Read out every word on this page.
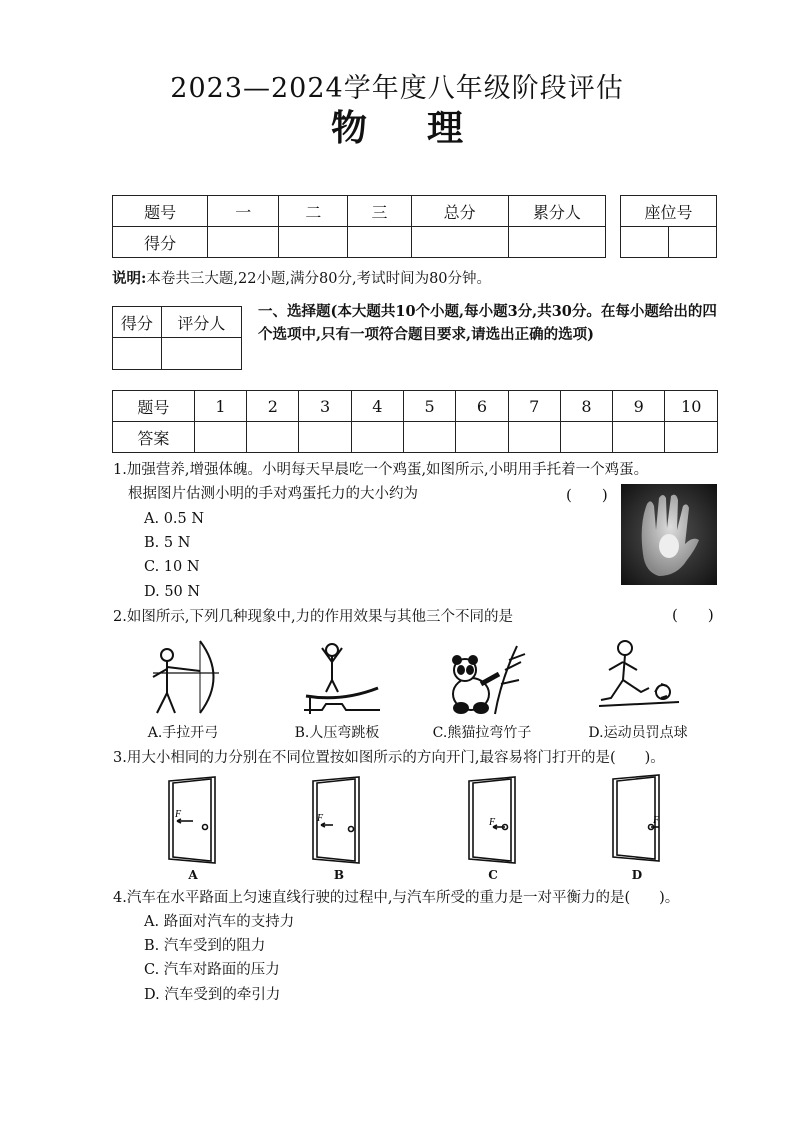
2023—2024学年度八年级阶段评估
物理
题号	一	二	三	总分	累分人
得分					
座位号

说明:本卷共三大题,22小题,满分80分,考试时间为80分钟。
得分	评分人

一、选择题(本大题共10个小题,每小题3分,共30分。在每小题给出的四个选项中,只有一项符合题目要求,请选出正确的选项)
题号	1	2	3	4	5	6	7	8	9	10
答案										
1.加强营养,增强体魄。小明每天早晨吃一个鸡蛋,如图所示,小明用手托着一个鸡蛋。
根据图片估测小明的手对鸡蛋托力的大小约为	(　　)
A. 0.5 N
B. 5 N
C. 10 N
D. 50 N
2.如图所示,下列几种现象中,力的作用效果与其他三个不同的是	(　　)
A.手拉开弓	B.人压弯跳板	C.熊猫拉弯竹子	D.运动员罚点球
3.用大小相同的力分别在不同位置按如图所示的方向开门,最容易将门打开的是(　　)。
F	F	F	F
A	B	C	D
4.汽车在水平路面上匀速直线行驶的过程中,与汽车所受的重力是一对平衡力的是(　　)。
A. 路面对汽车的支持力
B. 汽车受到的阻力
C. 汽车对路面的压力
D. 汽车受到的牵引力
